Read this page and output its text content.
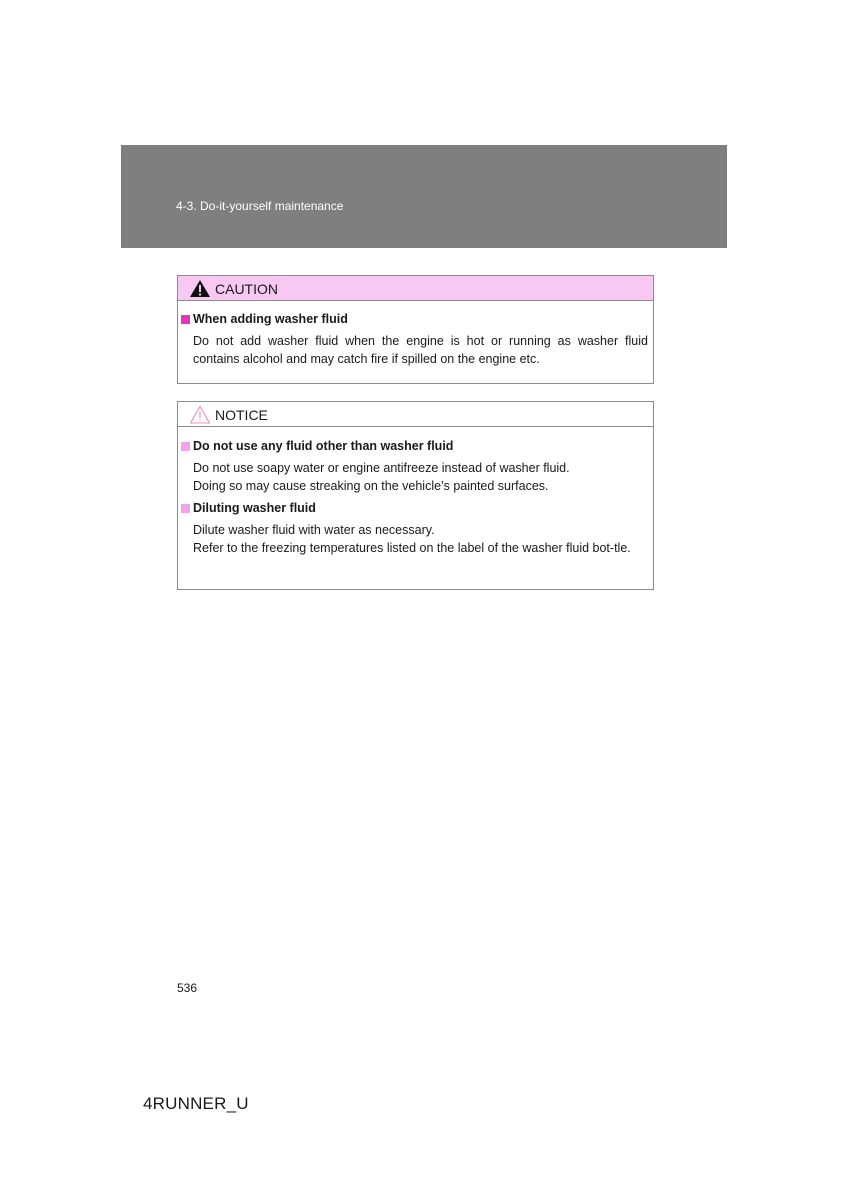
4-3. Do-it-yourself maintenance
CAUTION
When adding washer fluid

Do not add washer fluid when the engine is hot or running as washer fluid contains alcohol and may catch fire if spilled on the engine etc.

NOTICE
Do not use any fluid other than washer fluid

Do not use soapy water or engine antifreeze instead of washer fluid.

Doing so may cause streaking on the vehicle’s painted surfaces.

Diluting washer fluid

Dilute washer fluid with water as necessary.

Refer to the freezing temperatures listed on the label of the washer fluid bot-tle.

536
4RUNNER_U
